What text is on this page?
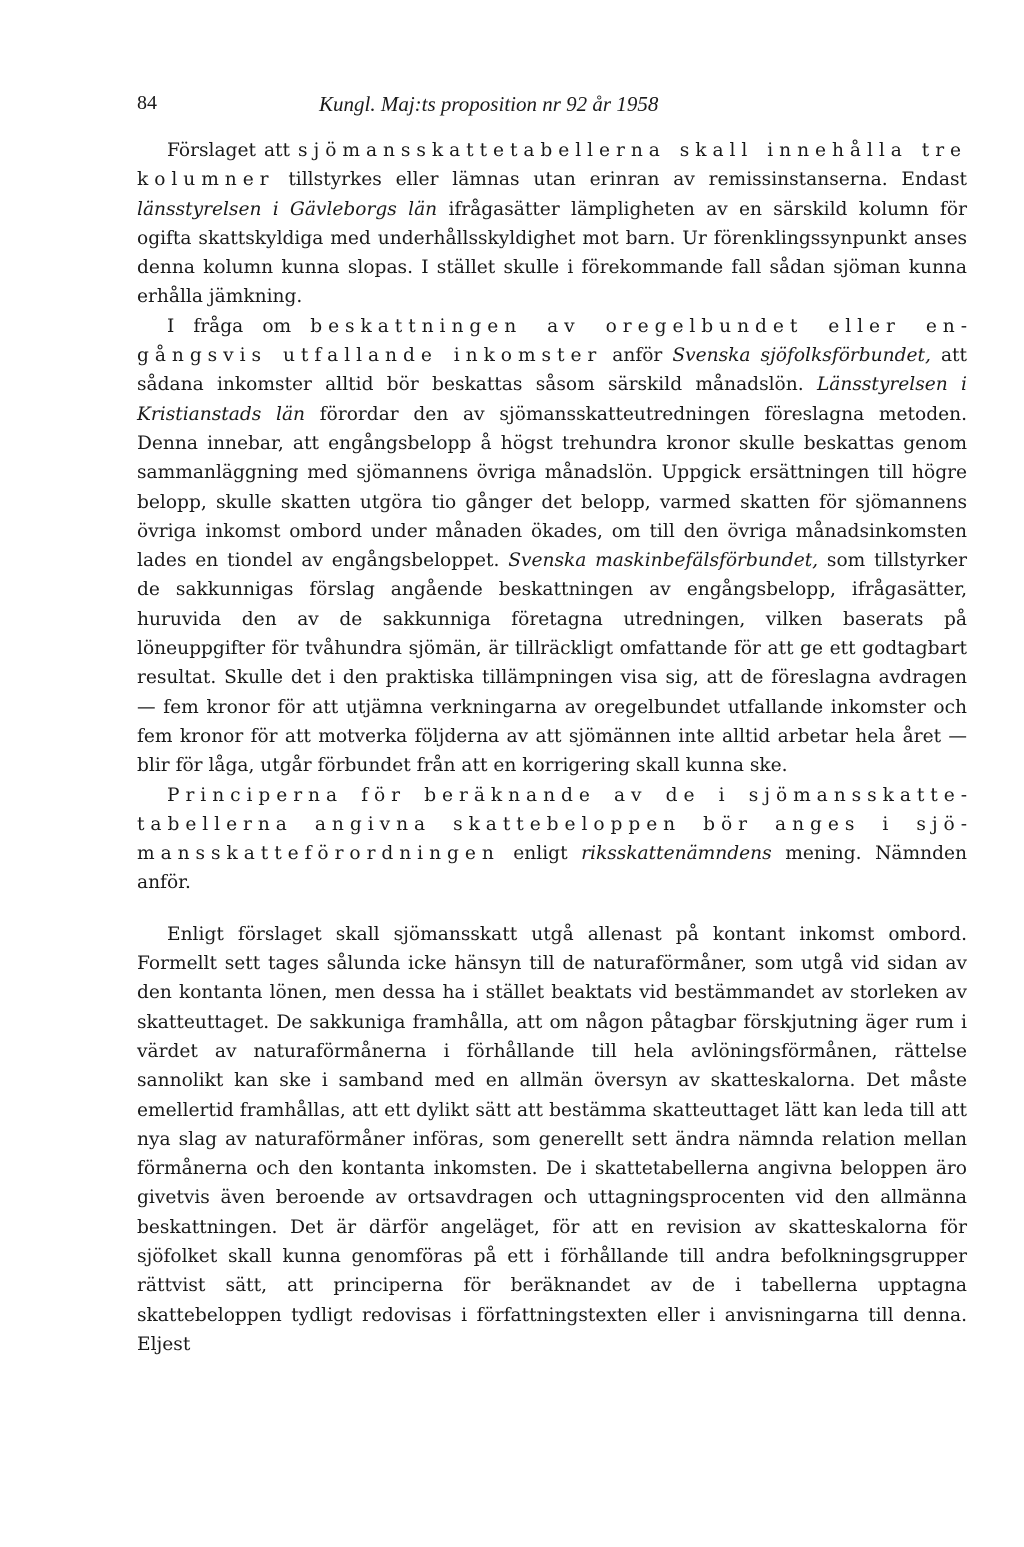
84	Kungl. Maj:ts proposition nr 92 år 1958

Förslaget att sjömansskattetabellerna skall innehålla tre kolumner tillstyrkes eller lämnas utan erinran av remissinstanserna. Endast länsstyrelsen i Gävleborgs län ifrågasätter lämpligheten av en särskild kolumn för ogifta skattskyldiga med underhållsskyldighet mot barn. Ur förenklingssynpunkt anses denna kolumn kunna slopas. I stället skulle i förekommande fall sådan sjöman kunna erhålla jämkning.

I fråga om beskattningen av oregelbundet eller engångsvis utfallande inkomster anför Svenska sjöfolksförbundet, att sådana inkomster alltid bör beskattas såsom särskild månadslön. Länsstyrelsen i Kristianstads län förordar den av sjömansskatteutredningen föreslagna metoden. Denna innebar, att engångsbelopp å högst trehundra kronor skulle beskattas genom sammanläggning med sjömannens övriga månadslön. Uppgick ersättningen till högre belopp, skulle skatten utgöra tio gånger det belopp, varmed skatten för sjömannens övriga inkomst ombord under månaden ökades, om till den övriga månadsinkomsten lades en tiondel av engångsbeloppet. Svenska maskinbefälsförbundet, som tillstyrker de sakkunnigas förslag angående beskattningen av engångsbelopp, ifrågasätter, huruvida den av de sakkunniga företagna utredningen, vilken baserats på löneuppgifter för tvåhundra sjömän, är tillräckligt omfattande för att ge ett godtagbart resultat. Skulle det i den praktiska tillämpningen visa sig, att de föreslagna avdragen — fem kronor för att utjämna verkningarna av oregelbundet utfallande inkomster och fem kronor för att motverka följderna av att sjömännen inte alltid arbetar hela året — blir för låga, utgår förbundet från att en korrigering skall kunna ske.

Principerna för beräknande av de i sjömansskattetabellerna angivna skattebeloppen bör anges i sjömansskatteförordningen enligt riksskattenämndens mening. Nämnden anför.

Enligt förslaget skall sjömansskatt utgå allenast på kontant inkomst ombord. Formellt sett tages sålunda icke hänsyn till de naturaförmåner, som utgå vid sidan av den kontanta lönen, men dessa ha i stället beaktats vid bestämmandet av storleken av skatteuttaget. De sakkuniga framhålla, att om någon påtagbar förskjutning äger rum i värdet av naturaförmånerna i förhållande till hela avlöningsförmånen, rättelse sannolikt kan ske i samband med en allmän översyn av skatteskalorna. Det måste emellertid framhållas, att ett dylikt sätt att bestämma skatteuttaget lätt kan leda till att nya slag av naturaförmåner införas, som generellt sett ändra nämnda relation mellan förmånerna och den kontanta inkomsten. De i skattetabellerna angivna beloppen äro givetvis även beroende av ortsavdragen och uttagningsprocenten vid den allmänna beskattningen. Det är därför angeläget, för att en revision av skatteskalorna för sjöfolket skall kunna genomföras på ett i förhållande till andra befolkningsgrupper rättvist sätt, att principerna för beräknandet av de i tabellerna upptagna skattebeloppen tydligt redovisas i författningstexten eller i anvisningarna till denna. Eljest
